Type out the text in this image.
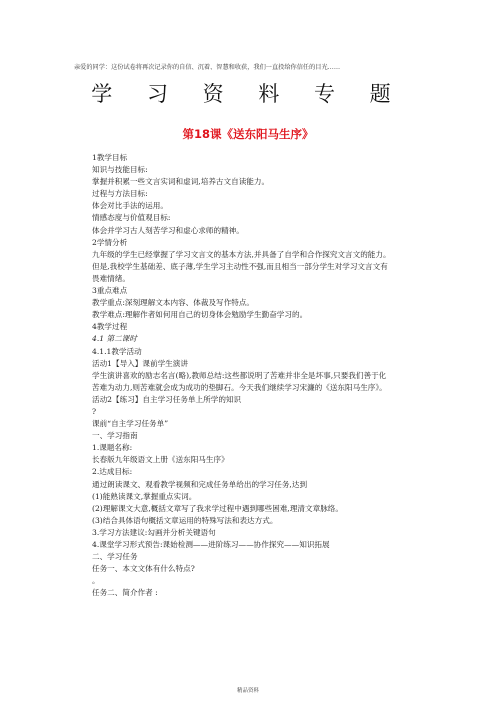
亲爱的同学：这份试卷将再次记录你的自信、沉着、智慧和收获，我们一直投给你信任的目光……
学 习 资 料 专 题
第18课《送东阳马生序》
1教学目标
知识与技能目标:
掌握并积累一些文言实词和虚词,培养古文自读能力。
过程与方法目标:
体会对比手法的运用。
情感态度与价值观目标:
体会并学习古人刻苦学习和虚心求师的精神。
2学情分析
九年级的学生已经掌握了学习文言文的基本方法,并具备了自学和合作探究文言文的能力。
但是,我校学生基础差、底子薄,学生学习主动性不强,而且相当一部分学生对学习文言文有
畏难情绪。
3重点难点
教学重点:深刻理解文本内容、体裁及写作特点。
教学难点:理解作者如何用自己的切身体会勉励学生勤奋学习的。
4教学过程
4.1 第二课时
4.1.1教学活动
活动1【导入】课前学生演讲
学生演讲喜欢的励志名言(略),教师总结:这些都说明了苦难并非全是坏事,只要我们善于化
苦难为动力,则苦难就会成为成功的垫脚石。今天我们继续学习宋濂的《送东阳马生序》。
活动2【练习】自主学习任务单上所学的知识
?
课前“自主学习任务单”
一、学习指南
1.课题名称:
长春版九年级语文上册《送东阳马生序》
2.达成目标:
通过朗读课文、观看教学视频和完成任务单给出的学习任务,达到
(1)能熟读课文,掌握重点实词。
(2)理解课文大意,概括文章写了我求学过程中遇到哪些困难,理清文章脉络。
(3)结合具体语句概括文章运用的特殊写法和表达方式。
3.学习方法建议:勾画并分析关键语句
4.课堂学习形式预告:课始检测——进阶练习——协作探究——知识拓展
二、学习任务
任务一、本文文体有什么特点?
。
任务二、简介作者 :
精品资料
